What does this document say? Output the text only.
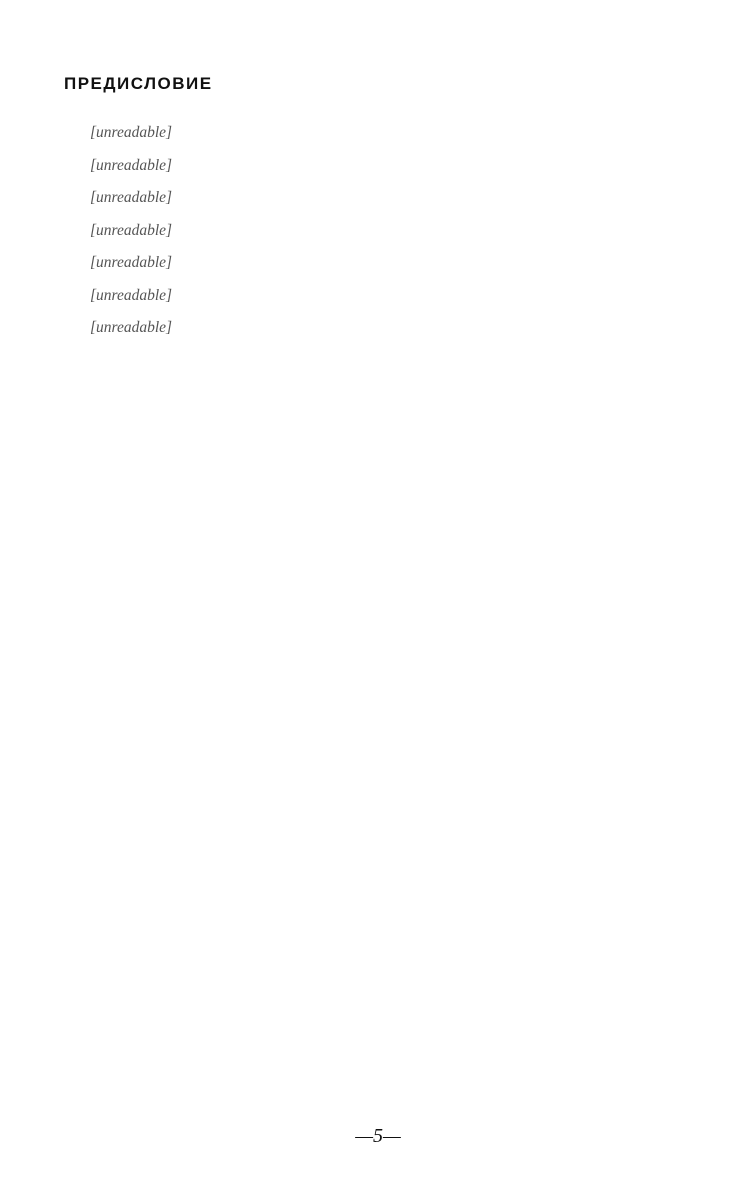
ПРЕДИСЛОВИЕ

[unreadable]

[unreadable]

[unreadable]

[unreadable]

[unreadable]

[unreadable]

[unreadable]

—5—
